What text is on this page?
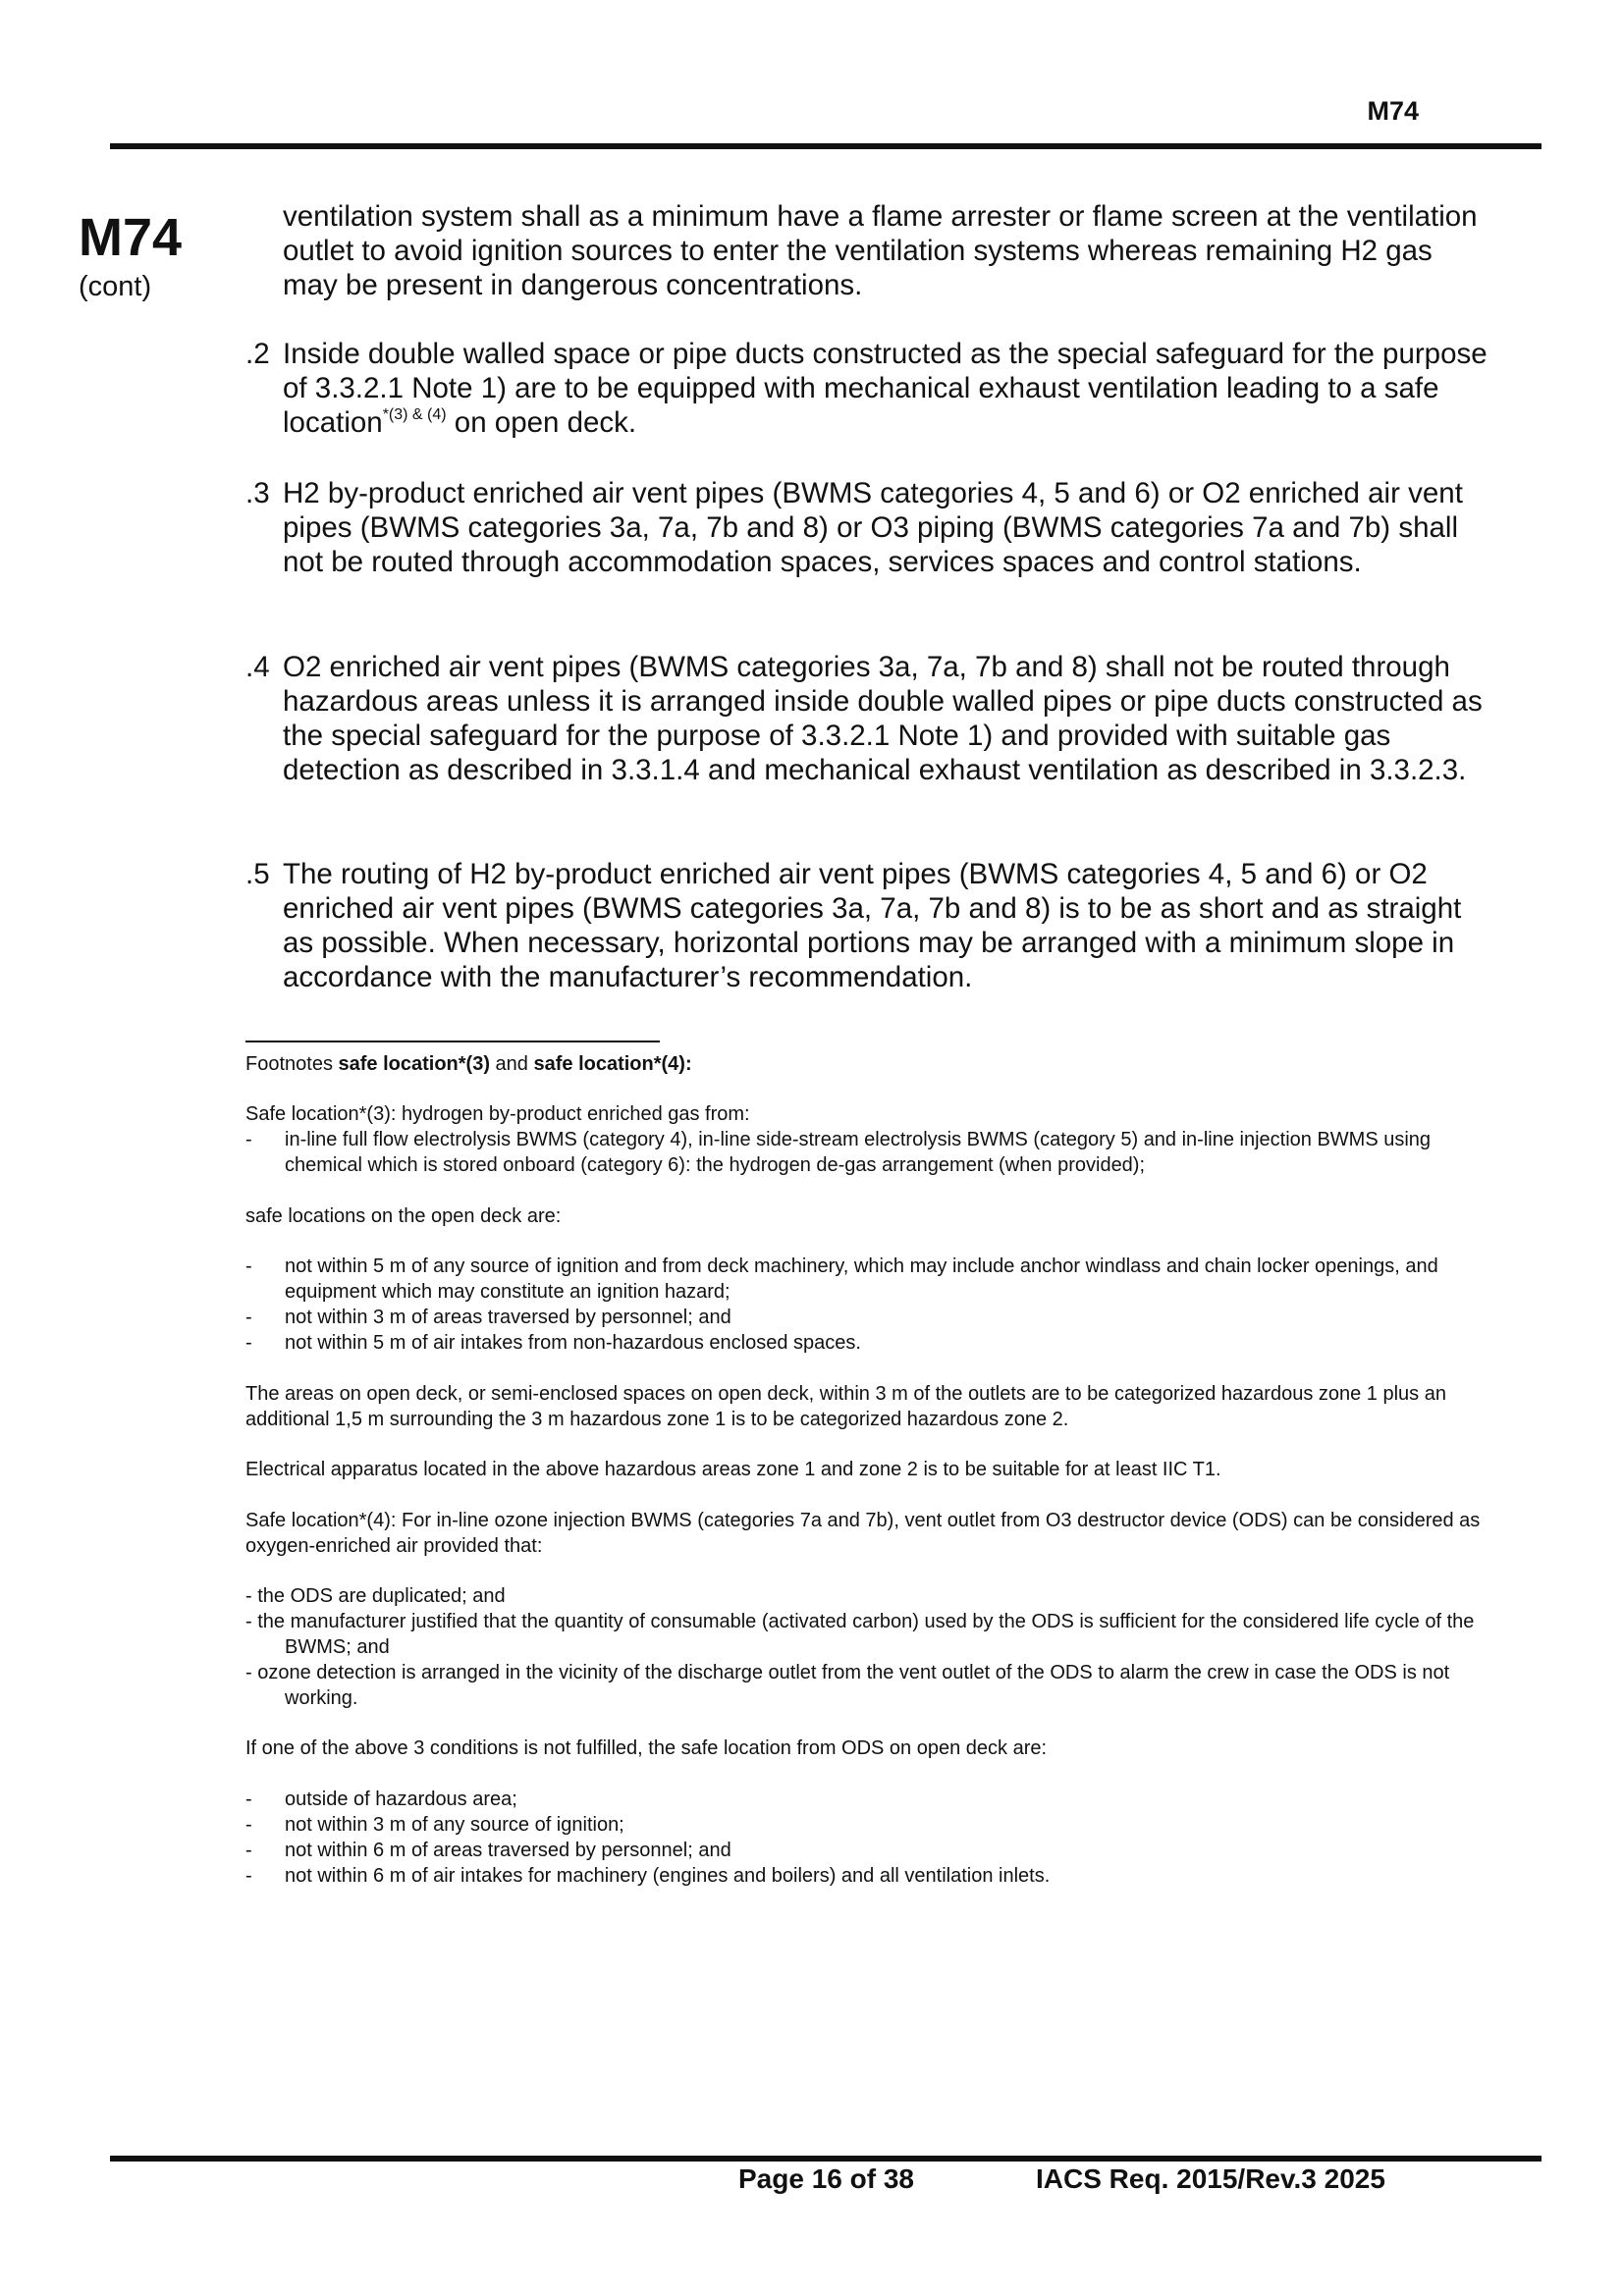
M74
M74
(cont)
ventilation system shall as a minimum have a flame arrester or flame screen at the ventilation outlet to avoid ignition sources to enter the ventilation systems whereas remaining H2 gas may be present in dangerous concentrations.
.2 Inside double walled space or pipe ducts constructed as the special safeguard for the purpose of 3.3.2.1 Note 1) are to be equipped with mechanical exhaust ventilation leading to a safe location$^{*(3) \& (4)}$ on open deck.
.3 H2 by-product enriched air vent pipes (BWMS categories 4, 5 and 6) or O2 enriched air vent pipes (BWMS categories 3a, 7a, 7b and 8) or O3 piping (BWMS categories 7a and 7b) shall not be routed through accommodation spaces, services spaces and control stations.
.4 O2 enriched air vent pipes (BWMS categories 3a, 7a, 7b and 8) shall not be routed through hazardous areas unless it is arranged inside double walled pipes or pipe ducts constructed as the special safeguard for the purpose of 3.3.2.1 Note 1) and provided with suitable gas detection as described in 3.3.1.4 and mechanical exhaust ventilation as described in 3.3.2.3.
.5 The routing of H2 by-product enriched air vent pipes (BWMS categories 4, 5 and 6) or O2 enriched air vent pipes (BWMS categories 3a, 7a, 7b and 8) is to be as short and as straight as possible. When necessary, horizontal portions may be arranged with a minimum slope in accordance with the manufacturer’s recommendation.
Footnotes safe location*(3) and safe location*(4):

Safe location*(3): hydrogen by-product enriched gas from:

- in-line full flow electrolysis BWMS (category 4), in-line side-stream electrolysis BWMS (category 5) and in-line injection BWMS using chemical which is stored onboard (category 6): the hydrogen de-gas arrangement (when provided);
safe locations on the open deck are:
- not within 5 m of any source of ignition and from deck machinery, which may include anchor windlass and chain locker openings, and equipment which may constitute an ignition hazard;
- not within 3 m of areas traversed by personnel; and
- not within 5 m of air intakes from non-hazardous enclosed spaces.
The areas on open deck, or semi-enclosed spaces on open deck, within 3 m of the outlets are to be categorized hazardous zone 1 plus an additional 1,5 m surrounding the 3 m hazardous zone 1 is to be categorized hazardous zone 2.
Electrical apparatus located in the above hazardous areas zone 1 and zone 2 is to be suitable for at least IIC T1.
Safe location*(4): For in-line ozone injection BWMS (categories 7a and 7b), vent outlet from O3 destructor device (ODS) can be considered as oxygen-enriched air provided that:

- the ODS are duplicated; and

- the manufacturer justified that the quantity of consumable (activated carbon) used by the ODS is sufficient for the considered life cycle of the BWMS; and

- ozone detection is arranged in the vicinity of the discharge outlet from the vent outlet of the ODS to alarm the crew in case the ODS is not working.

If one of the above 3 conditions is not fulfilled, the safe location from ODS on open deck are:
- outside of hazardous area;
- not within 3 m of any source of ignition;
- not within 6 m of areas traversed by personnel; and
- not within 6 m of air intakes for machinery (engines and boilers) and all ventilation inlets.
Page 16 of 38	IACS Req. 2015/Rev.3 2025
